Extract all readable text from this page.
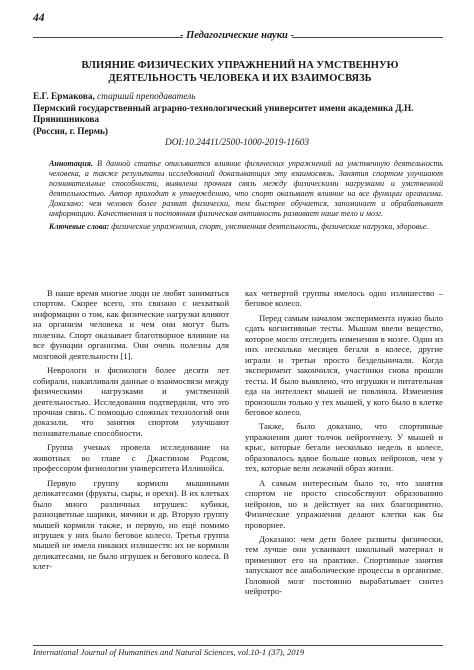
44
- Педагогические науки -
ВЛИЯНИЕ ФИЗИЧЕСКИХ УПРАЖНЕНИЙ НА УМСТВЕННУЮ
ДЕЯТЕЛЬНОСТЬ ЧЕЛОВЕКА И ИХ ВЗАИМОСВЯЗЬ
Е.Г. Ермакова, старший преподаватель
Пермский государственный аграрно-технологический университет имени академика Д.Н. Прянишникова
(Россия, г. Пермь)
DOI:10.24411/2500-1000-2019-11603
Аннотация. В данной статье описывается влияние физических упражнений на умственную деятельность человека, а также результаты исследований доказывающих эту взаимосвязь. Занятия спортом улучшают познавательные способности, выявлена прочная связь между физическими нагрузками и умственной деятельностью. Автор приходит к утверждению, что спорт оказывает влияние на все функции организма. Доказано: чем человек более развит физически, тем быстрее обучается, запоминает и обрабатывает информацию. Качественная и постоянная физическая активность развивает наше тело и мозг.
Ключевые слова: физические упражнения, спорт, умственная деятельность, физические нагрузки, здоровье.

В наше время многие люди не любят заниматься спортом. Скорее всего, это связано с нехваткой информации о том, как физические нагрузки влияют на организм человека и чем они могут быть полезны. Спорт оказывает благотворное влияние на все функции организма. Они очень полезны для мозговой деятельности [1].

Неврологи и физиологи более десяти лет собирали, накапливали данные о взаимосвязи между физическими нагрузками и умственной деятельностью. Исследования подтвердили, что это прочная связь. С помощью сложных технологий они доказали, что занятия спортом улучшают познавательные способности.

Группа ученых провела исследование на животных во главе с Джастином Родсом, профессором физиологии университета Иллинойса.

Первую группу кормили мышиными деликатесами (фрукты, сыры, и орехи). В их клетках было много различных игрушек: кубики, разноцветные шарики, мячики и др. Вторую группу мышей кормили также, и первую, но ещё помимо игрушек у них было беговое колесо. Третья группа мышей не имела никаких излишеств: их не кормили деликатесами, не было игрушек и бегового колеса. В клет-

ках четвертой группы имелось одно излишество – беговое колесо.

Перед самым началом эксперимента нужно было сдать когнитивные тесты. Мышам ввели вещество, которое могло отследить изменения в мозге. Одни из них несколько месяцев бегали в колесе, другие играли и третьи просто бездельничали. Когда эксперимент закончился, участники снова прошли тесты. И было выявлено, что игрушки и питательная еда на интеллект мышей не повлияла. Изменения произошли только у тех мышей, у кого было в клетке беговое колесо.

Также, было доказано, что спортивные упражнения дают толчок нейрогенезу. У мышей и крыс, которые бегали несколько недель в колесе, образовалось вдвое больше новых нейронов, чем у тех, которые вели лежачий образ жизни.

А самым интересным было то, что занятия спортом не просто способствуют образованию нейронов, но и действует на них благоприятно. Физические упражнения делают клетки как бы проворнее.

Доказано: чем дети более развиты физически, тем лучше они усваивают школьный материал и применяют его на практике. Спортивные занятия запускают все анаболические процессы в организме. Головной мозг постоянно вырабатывает синтез нейротро-

International Journal of Humanities and Natural Sciences, vol.10-1 (37), 2019
